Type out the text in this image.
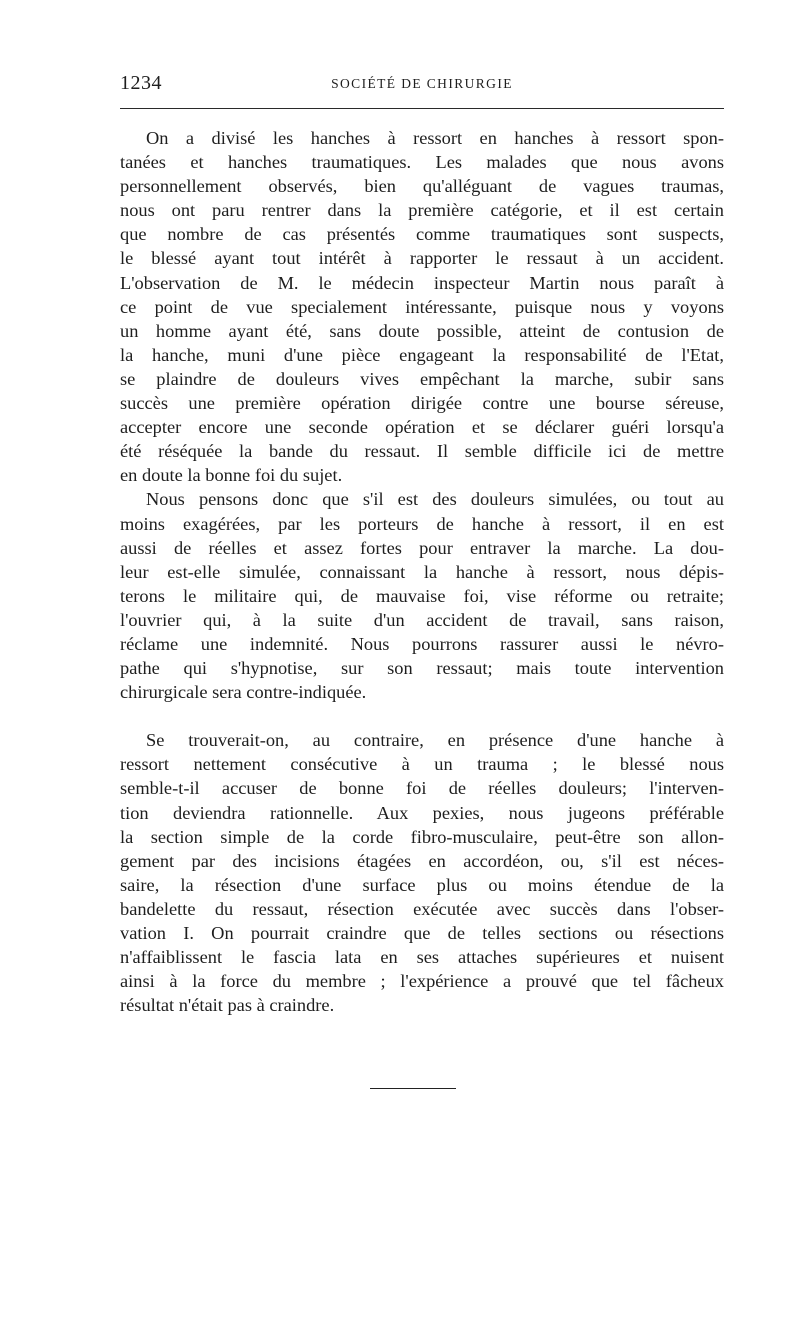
1234	SOCIÉTÉ DE CHIRURGIE

On a divisé les hanches à ressort en hanches à ressort spon-
tanées et hanches traumatiques. Les malades que nous avons
personnellement observés, bien qu'alléguant de vagues traumas,
nous ont paru rentrer dans la première catégorie, et il est certain
que nombre de cas présentés comme traumatiques sont suspects,
le blessé ayant tout intérêt à rapporter le ressaut à un accident.
L'observation de M. le médecin inspecteur Martin nous paraît à
ce point de vue specialement intéressante, puisque nous y voyons
un homme ayant été, sans doute possible, atteint de contusion de
la hanche, muni d'une pièce engageant la responsabilité de l'Etat,
se plaindre de douleurs vives empêchant la marche, subir sans
succès une première opération dirigée contre une bourse séreuse,
accepter encore une seconde opération et se déclarer guéri lorsqu'a
été réséquée la bande du ressaut. Il semble difficile ici de mettre
en doute la bonne foi du sujet.

Nous pensons donc que s'il est des douleurs simulées, ou tout au
moins exagérées, par les porteurs de hanche à ressort, il en est
aussi de réelles et assez fortes pour entraver la marche. La dou-
leur est-elle simulée, connaissant la hanche à ressort, nous dépis-
terons le militaire qui, de mauvaise foi, vise réforme ou retraite;
l'ouvrier qui, à la suite d'un accident de travail, sans raison,
réclame une indemnité. Nous pourrons rassurer aussi le névro-
pathe qui s'hypnotise, sur son ressaut; mais toute intervention
chirurgicale sera contre-indiquée.

Se trouverait-on, au contraire, en présence d'une hanche à
ressort nettement consécutive à un trauma ; le blessé nous
semble-t-il accuser de bonne foi de réelles douleurs; l'interven-
tion deviendra rationnelle. Aux pexies, nous jugeons préférable
la section simple de la corde fibro-musculaire, peut-être son allon-
gement par des incisions étagées en accordéon, ou, s'il est néces-
saire, la résection d'une surface plus ou moins étendue de la
bandelette du ressaut, résection exécutée avec succès dans l'obser-
vation I. On pourrait craindre que de telles sections ou résections
n'affaiblissent le fascia lata en ses attaches supérieures et nuisent
ainsi à la force du membre ; l'expérience a prouvé que tel fâcheux
résultat n'était pas à craindre.
